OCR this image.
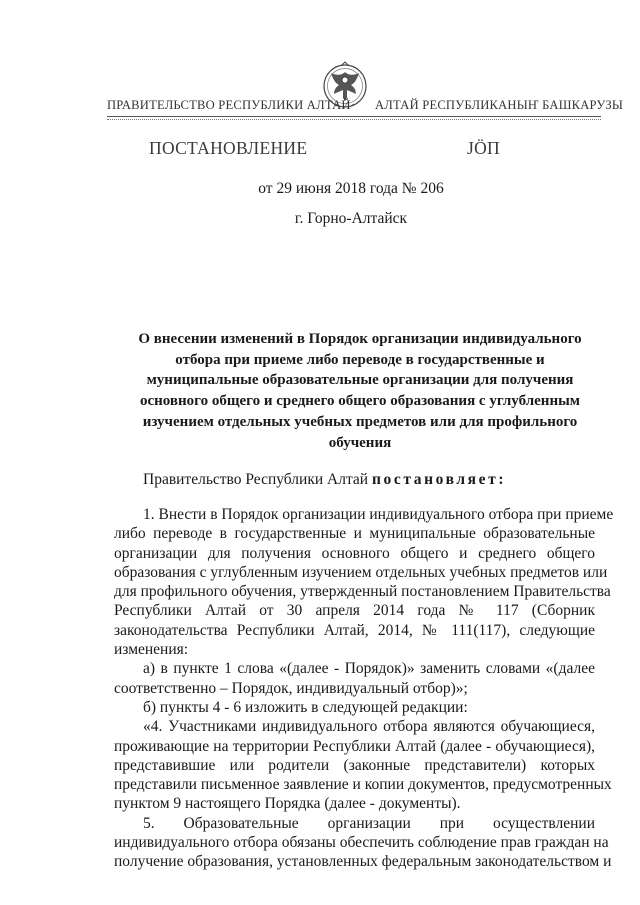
ПРАВИТЕЛЬСТВО РЕСПУБЛИКИ АЛТАЙ АЛТАЙ РЕСПУБЛИКАНЫҤ БАШКАРУЗЫ
ПОСТАНОВЛЕНИЕ	ЈÖП
от 29 июня 2018 года № 206
г. Горно-Алтайск
О внесении изменений в Порядок организации индивидуального
отбора при приеме либо переводе в государственные и
муниципальные образовательные организации для получения
основного общего и среднего общего образования с углубленным
изучением отдельных учебных предметов или для профильного
обучения
Правительство Республики Алтай постановляет:
1. Внести в Порядок организации индивидуального отбора при приеме
либо переводе в государственные и муниципальные образовательные
организации для получения основного общего и среднего общего
образования с углубленным изучением отдельных учебных предметов или
для профильного обучения, утвержденный постановлением Правительства
Республики Алтай от 30 апреля 2014 года № 117 (Сборник
законодательства Республики Алтай, 2014, № 111(117), следующие
изменения:
а) в пункте 1 слова «(далее - Порядок)» заменить словами «(далее
соответственно – Порядок, индивидуальный отбор)»;
б) пункты 4 - 6 изложить в следующей редакции:
«4. Участниками индивидуального отбора являются обучающиеся,
проживающие на территории Республики Алтай (далее - обучающиеся),
представившие или родители (законные представители) которых
представили письменное заявление и копии документов, предусмотренных
пунктом 9 настоящего Порядка (далее - документы).
5. Образовательные организации при осуществлении
индивидуального отбора обязаны обеспечить соблюдение прав граждан на
получение образования, установленных федеральным законодательством и
